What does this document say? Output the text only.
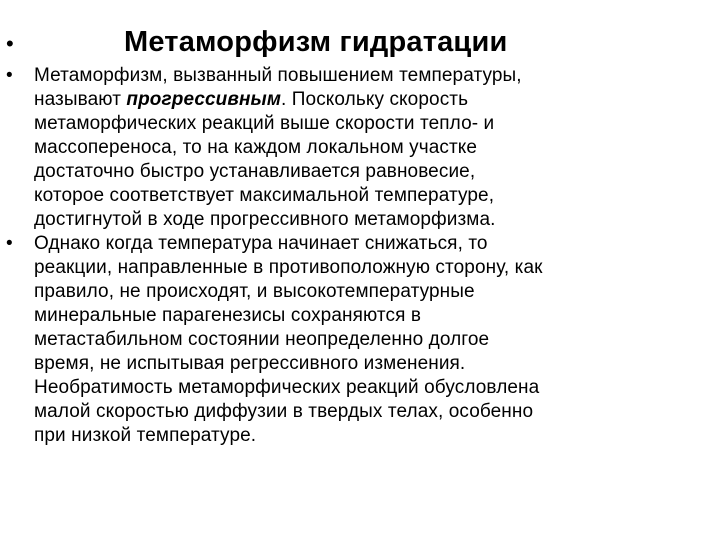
•	Метаморфизм гидратации
• Метаморфизм, вызванный повышением температуры,
называют прогрессивным. Поскольку скорость
метаморфических реакций выше скорости тепло- и
массопереноса, то на каждом локальном участке
достаточно быстро устанавливается равновесие,
которое соответствует максимальной температуре,
достигнутой в ходе прогрессивного метаморфизма.
• Однако когда температура начинает снижаться, то
реакции, направленные в противоположную сторону, как
правило, не происходят, и высокотемпературные
минеральные парагенезисы сохраняются в
метастабильном состоянии неопределенно долгое
время, не испытывая регрессивного изменения.
Необратимость метаморфических реакций обусловлена
малой скоростью диффузии в твердых телах, особенно
при низкой температуре.
